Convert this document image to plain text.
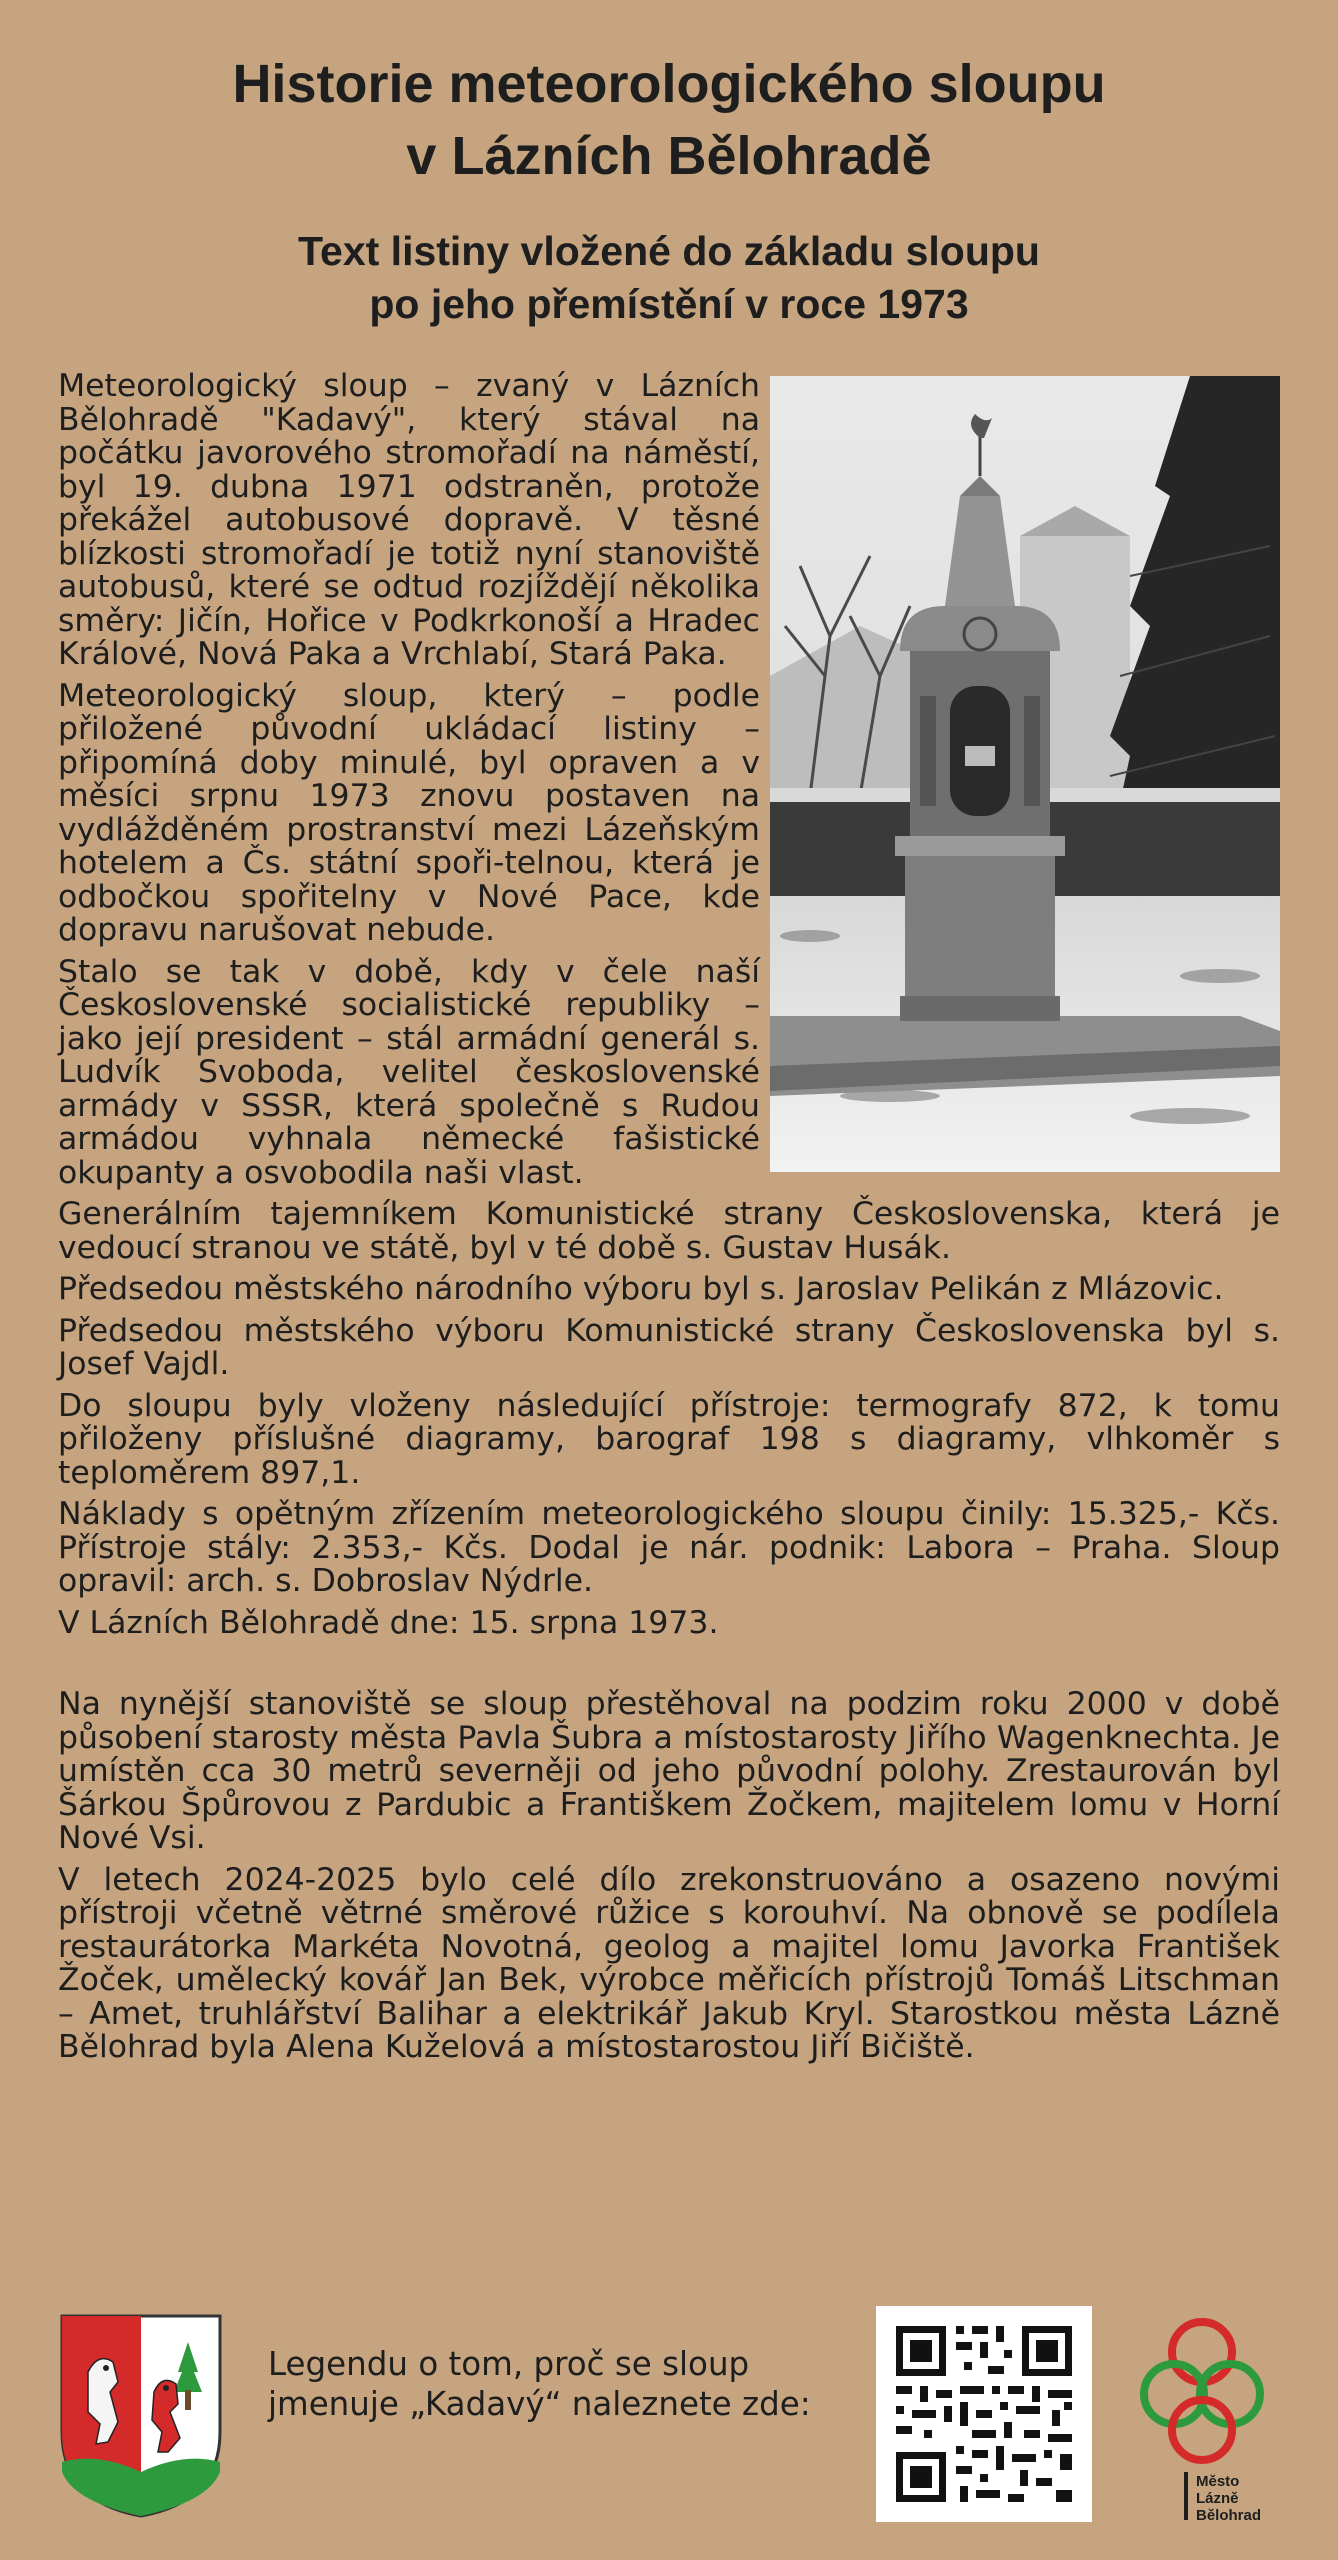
Historie meteorologického sloupu
v Lázních Bělohradě
Text listiny vložené do základu sloupu
po jeho přemístění v roce 1973

Meteorologický sloup – zvaný v Lázních Bělohradě "Kadavý", který stával na počátku javorového stromořadí na náměstí, byl 19. dubna 1971 odstraněn, protože překážel autobusové dopravě. V těsné blízkosti stromořadí je totiž nyní stanoviště autobusů, které se odtud rozjíždějí několika směry: Jičín, Hořice v Podkrkonoší a Hradec Králové, Nová Paka a Vrchlabí, Stará Paka.

Meteorologický sloup, který – podle přiložené původní ukládací listiny – připomíná doby minulé, byl opraven a v měsíci srpnu 1973 znovu postaven na vydlážděném prostranství mezi Lázeňským hotelem a Čs. státní spoři-telnou, která je odbočkou spořitelny v Nové Pace, kde dopravu narušovat nebude.

Stalo se tak v době, kdy v čele naší Československé socialistické republiky – jako její president – stál armádní generál s. Ludvík Svoboda, velitel československé armády v SSSR, která společně s Rudou armádou vyhnala německé fašistické okupanty a osvobodila naši vlast.

Generálním tajemníkem Komunistické strany Československa, která je vedoucí stranou ve státě, byl v té době s. Gustav Husák.

Předsedou městského národního výboru byl s. Jaroslav Pelikán z Mlázovic.

Předsedou městského výboru Komunistické strany Československa byl s. Josef Vajdl.

Do sloupu byly vloženy následující přístroje: termografy 872, k tomu přiloženy příslušné diagramy, barograf 198 s diagramy, vlhkoměr s teploměrem 897,1.

Náklady s opětným zřízením meteorologického sloupu činily: 15.325,- Kčs. Přístroje stály: 2.353,- Kčs. Dodal je nár. podnik: Labora – Praha. Sloup opravil: arch. s. Dobroslav Nýdrle.

V Lázních Bělohradě dne: 15. srpna 1973.

Na nynější stanoviště se sloup přestěhoval na podzim roku 2000 v době působení starosty města Pavla Šubra a místostarosty Jiřího Wagenknechta. Je umístěn cca 30 metrů severněji od jeho původní polohy. Zrestaurován byl Šárkou Špůrovou z Pardubic a Františkem Žočkem, majitelem lomu v Horní Nové Vsi.

V letech 2024-2025 bylo celé dílo zrekonstruováno a osazeno novými přístroji včetně větrné směrové růžice s korouhví. Na obnově se podílela restaurátorka Markéta Novotná, geolog a majitel lomu Javorka František Žoček, umělecký kovář Jan Bek, výrobce měřicích přístrojů Tomáš Litschman – Amet, truhlářství Balihar a elektrikář Jakub Kryl. Starostkou města Lázně Bělohrad byla Alena Kuželová a místostarostou Jiří Bičiště.

Legendu o tom, proč se sloup
jmenuje „Kadavý“ naleznete zde:
Město
Lázně
Bělohrad
